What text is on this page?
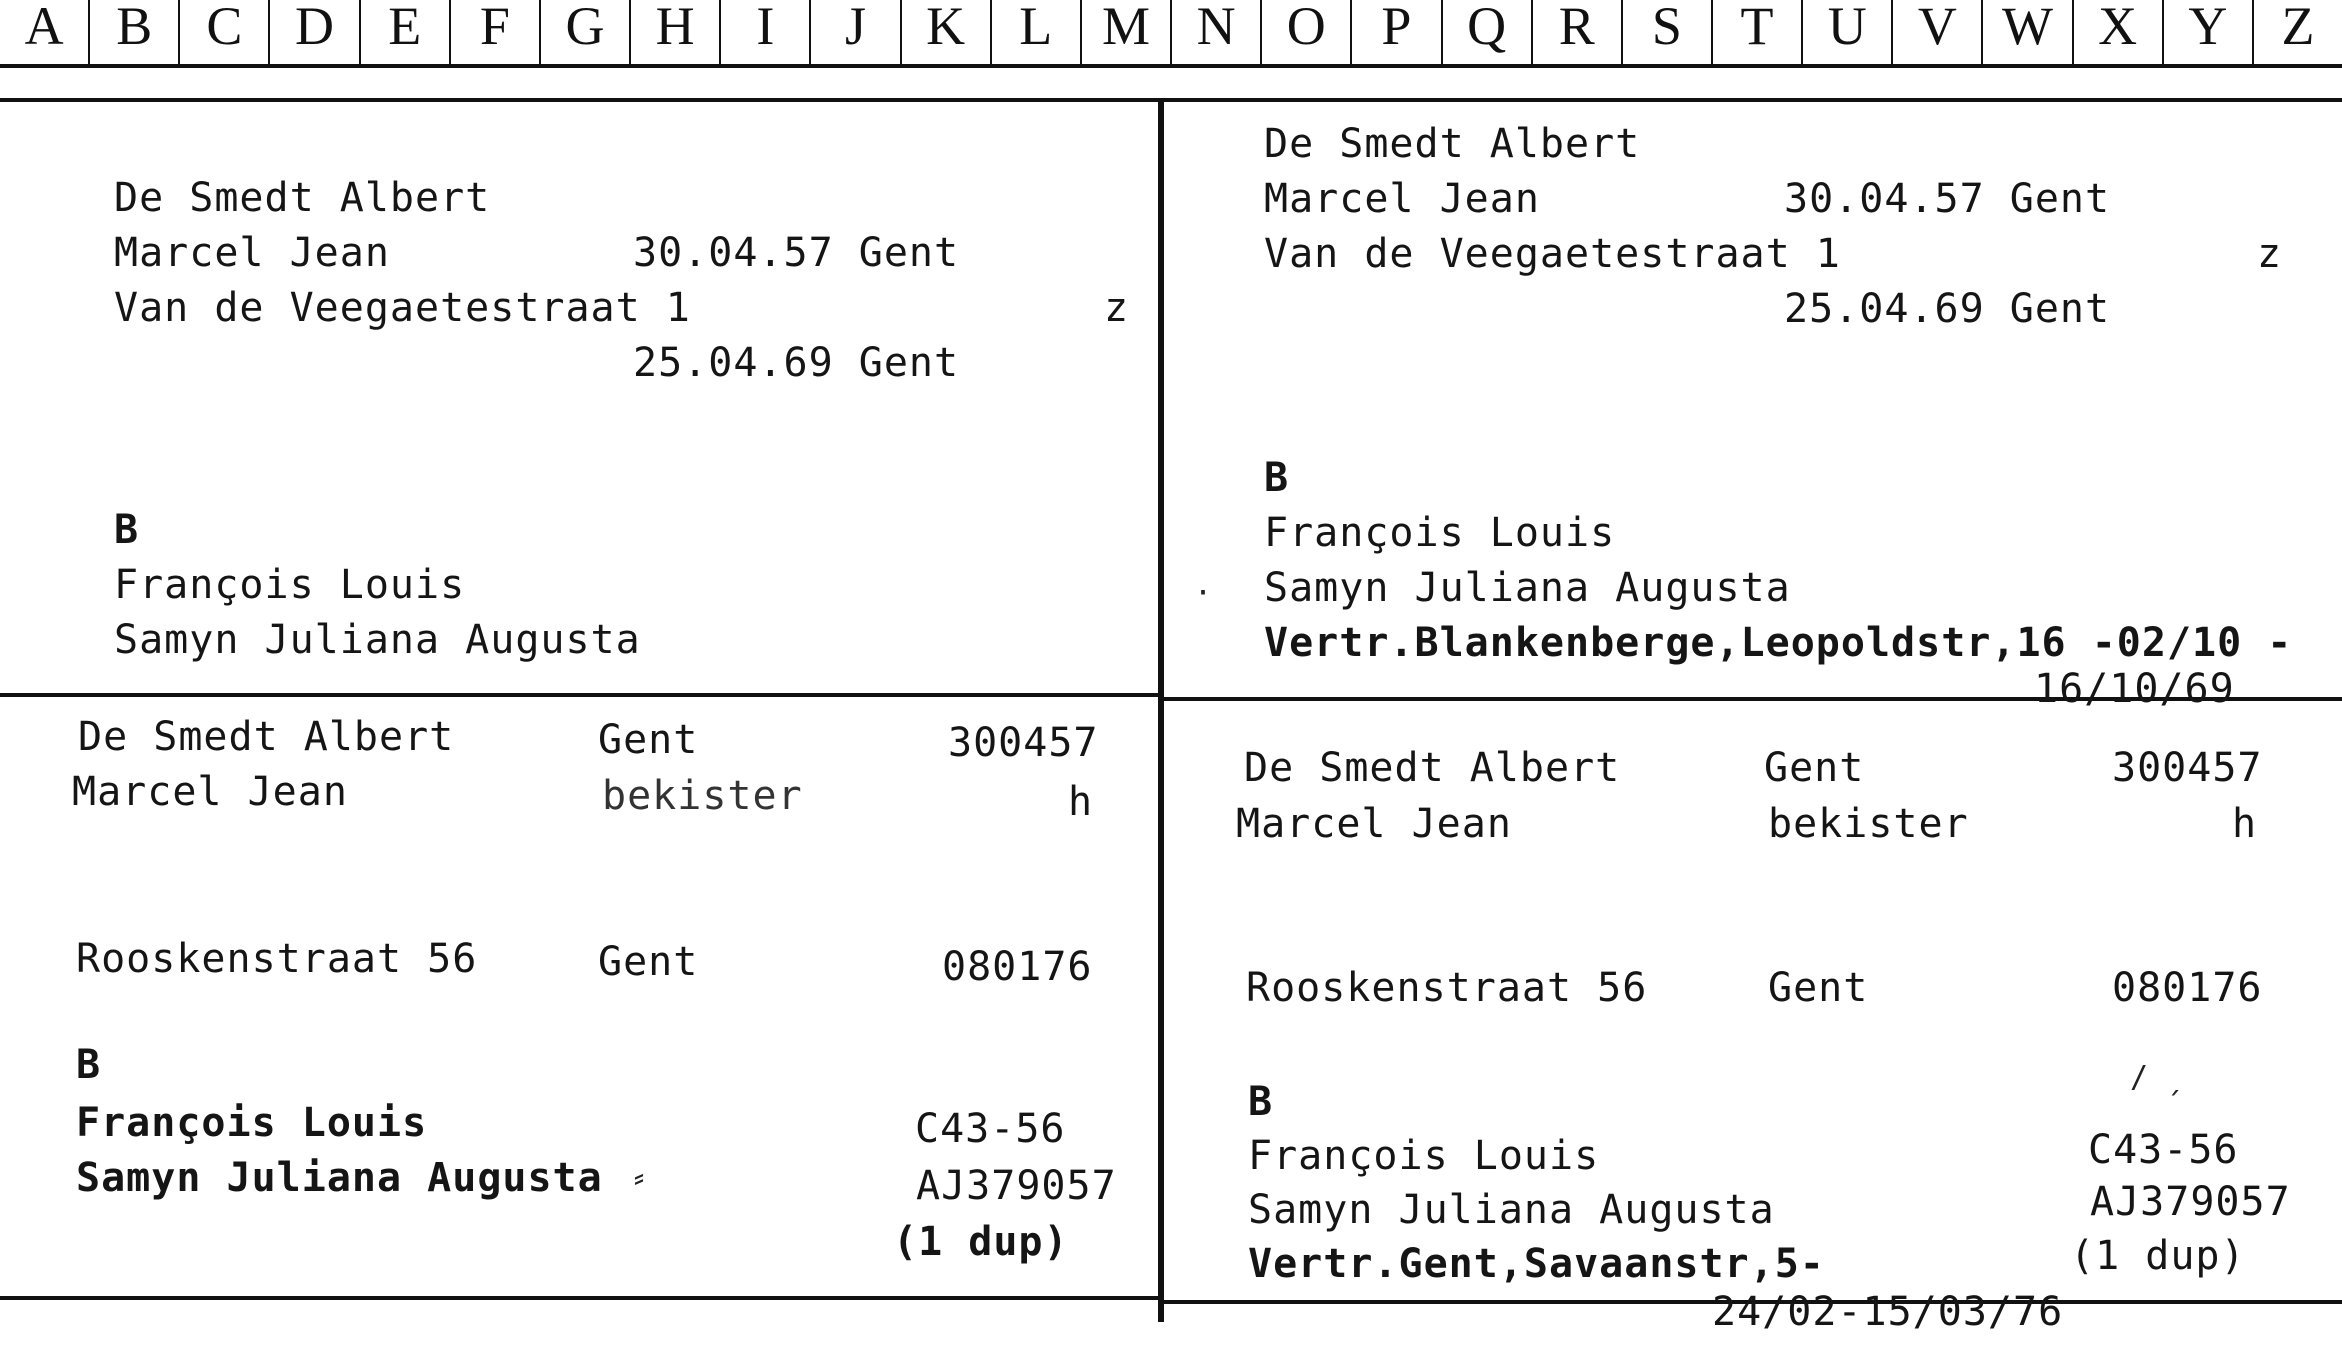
A B	C D	E	F	G H	I	J	K	L M N O	P	Q R	S	T	U V W X Y	Z
De Smedt Albert
Marcel Jean	30.04.57 Gent
Van de Veegaetestraat 1	z
25.04.69 Gent
B
François Louis
Samyn Juliana Augusta
De Smedt Albert
Marcel Jean	30.04.57 Gent
Van de Veegaetestraat 1	z
25.04.69 Gent
B
François Louis
Samyn Juliana Augusta
Vertr.Blankenberge,Leopoldstr,16 -02/10 -
16/10/69
·
De Smedt Albert	Gent	300457
Marcel Jean	bekister	h
Rooskenstraat 56	Gent	080176
B
François Louis	C43-56
Samyn Juliana Augusta	AJ379057
(1 dup)
⸗
De Smedt Albert	Gent	300457
Marcel Jean	bekister	h
Rooskenstraat 56	Gent	080176
B
François Louis	C43-56
Samyn Juliana Augusta	AJ379057
Vertr.Gent,Savaanstr,5-	(1 dup)
24/02-15/03/76
/ ˏ
